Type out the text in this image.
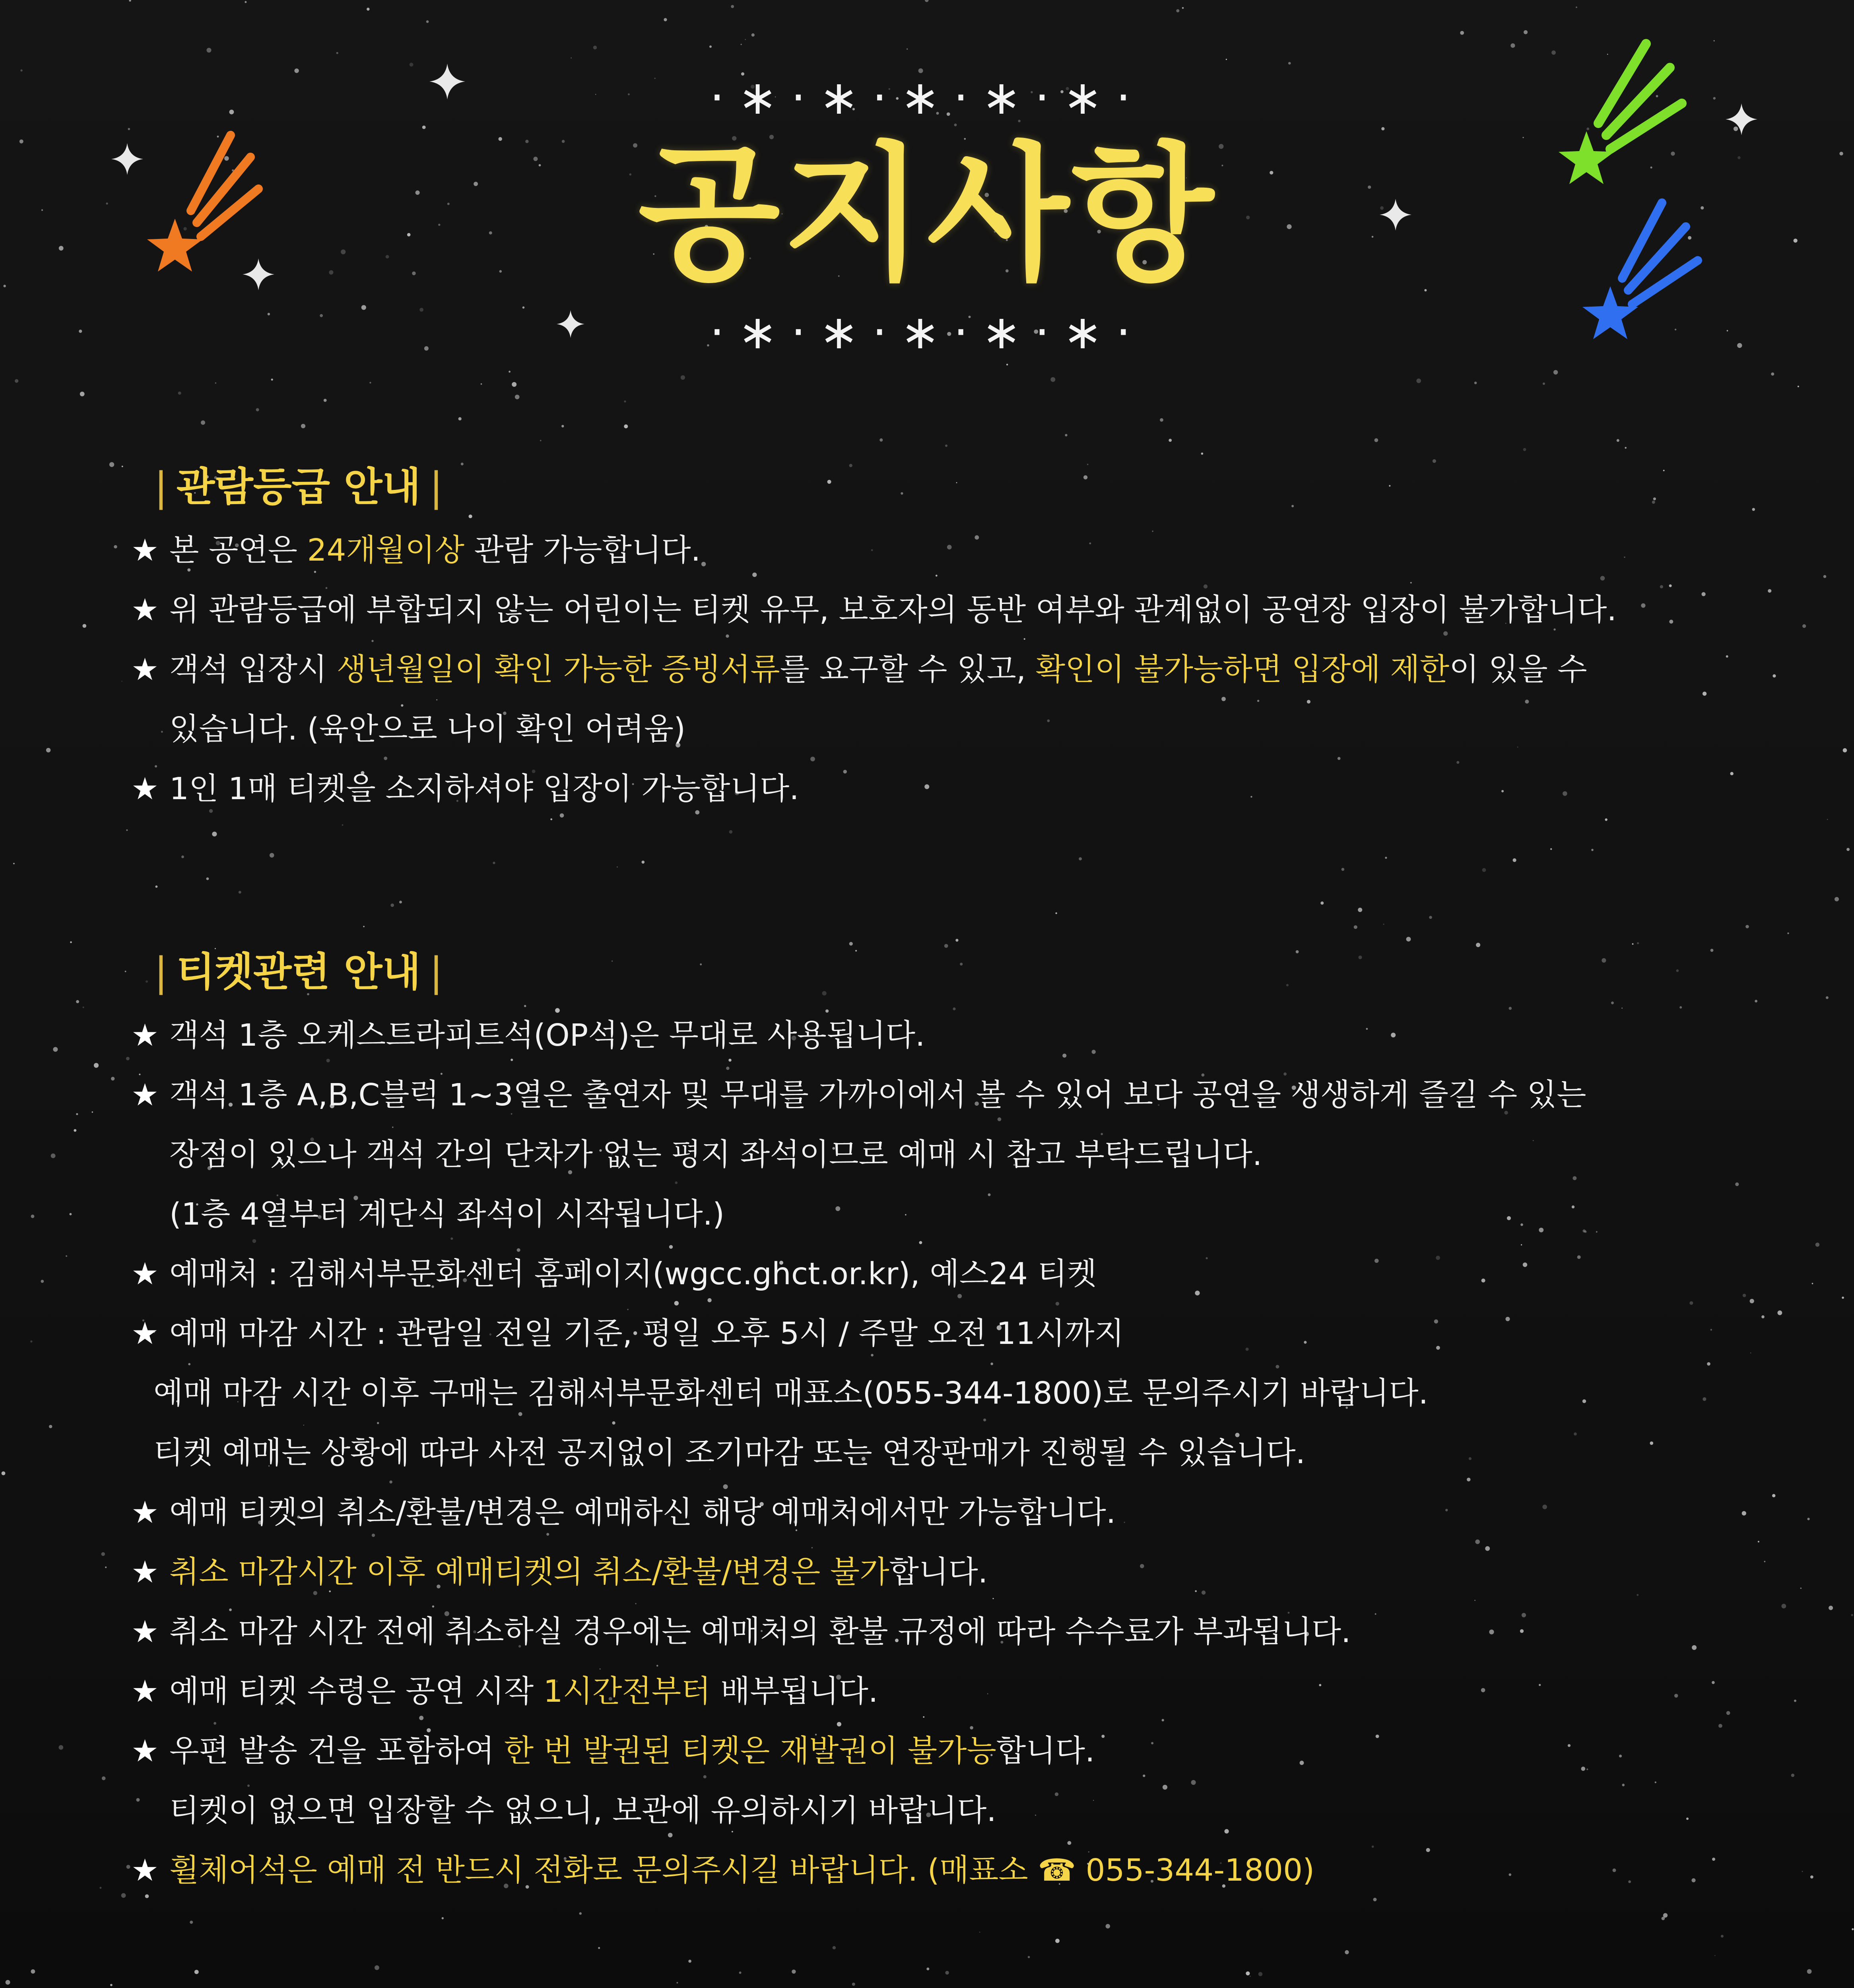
·∗·∗·∗·∗·∗·
공지사항
·∗·∗·∗·∗·∗·
| 관람등급 안내 |
★ 본 공연은 24개월이상 관람 가능합니다.
★ 위 관람등급에 부합되지 않는 어린이는 티켓 유무, 보호자의 동반 여부와 관계없이 공연장 입장이 불가합니다.
★ 객석 입장시 생년월일이 확인 가능한 증빙서류를 요구할 수 있고, 확인이 불가능하면 입장에 제한이 있을 수
있습니다. (육안으로 나이 확인 어려움)
★ 1인 1매 티켓을 소지하셔야 입장이 가능합니다.
| 티켓관련 안내 |
★ 객석 1층 오케스트라피트석(OP석)은 무대로 사용됩니다.
★ 객석 1층 A,B,C블럭 1~3열은 출연자 및 무대를 가까이에서 볼 수 있어 보다 공연을 생생하게 즐길 수 있는
장점이 있으나 객석 간의 단차가 없는 평지 좌석이므로 예매 시 참고 부탁드립니다.
(1층 4열부터 계단식 좌석이 시작됩니다.)
★ 예매처 : 김해서부문화센터 홈페이지(wgcc.ghct.or.kr), 예스24 티켓
★ 예매 마감 시간 : 관람일 전일 기준, 평일 오후 5시 / 주말 오전 11시까지
예매 마감 시간 이후 구매는 김해서부문화센터 매표소(055-344-1800)로 문의주시기 바랍니다.
티켓 예매는 상황에 따라 사전 공지없이 조기마감 또는 연장판매가 진행될 수 있습니다.
★ 예매 티켓의 취소/환불/변경은 예매하신 해당 예매처에서만 가능합니다.
★ 취소 마감시간 이후 예매티켓의 취소/환불/변경은 불가합니다.
★ 취소 마감 시간 전에 취소하실 경우에는 예매처의 환불 규정에 따라 수수료가 부과됩니다.
★ 예매 티켓 수령은 공연 시작 1시간전부터 배부됩니다.
★ 우편 발송 건을 포함하여 한 번 발권된 티켓은 재발권이 불가능합니다.
티켓이 없으면 입장할 수 없으니, 보관에 유의하시기 바랍니다.
★ 휠체어석은 예매 전 반드시 전화로 문의주시길 바랍니다. (매표소 ☎ 055-344-1800)
